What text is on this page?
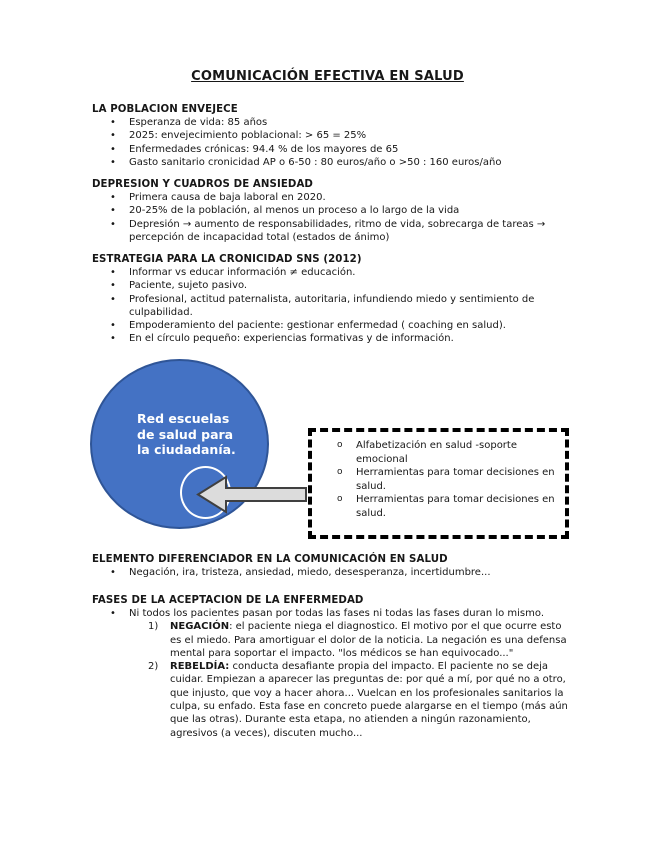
COMUNICACIÓN EFECTIVA EN SALUD
LA POBLACION ENVEJECE
• Esperanza de vida: 85 años
• 2025: envejecimiento poblacional: > 65 = 25%
• Enfermedades crónicas: 94.4 % de los mayores de 65
• Gasto sanitario cronicidad AP o 6-50 : 80 euros/año o >50 : 160 euros/año
DEPRESION Y CUADROS DE ANSIEDAD
• Primera causa de baja laboral en 2020.
• 20-25% de la población, al menos un proceso a lo largo de la vida
• Depresión → aumento de responsabilidades, ritmo de vida, sobrecarga de tareas → percepción de incapacidad total (estados de ánimo)
ESTRATEGIA PARA LA CRONICIDAD SNS (2012)
• Informar vs educar información ≠ educación.
• Paciente, sujeto pasivo.
• Profesional, actitud paternalista, autoritaria, infundiendo miedo y sentimiento de culpabilidad.
• Empoderamiento del paciente: gestionar enfermedad ( coaching en salud).
• En el círculo pequeño: experiencias formativas y de información.
Red escuelas
de salud para
la ciudadanía.	o Alfabetización en salud -soporte emocional
o Herramientas para tomar decisiones en salud.
o Herramientas para tomar decisiones en salud.
ELEMENTO DIFERENCIADOR EN LA COMUNICACIÓN EN SALUD
• Negación, ira, tristeza, ansiedad, miedo, desesperanza, incertidumbre...
FASES DE LA ACEPTACION DE LA ENFERMEDAD
• Ni todos los pacientes pasan por todas las fases ni todas las fases duran lo mismo.
1) NEGACIÓN: el paciente niega el diagnostico. El motivo por el que ocurre esto es el miedo. Para amortiguar el dolor de la noticia. La negación es una defensa mental para soportar el impacto. "los médicos se han equivocado..."
2) REBELDÍA: conducta desafiante propia del impacto. El paciente no se deja cuidar. Empiezan a aparecer las preguntas de: por qué a mí, por qué no a otro, que injusto, que voy a hacer ahora... Vuelcan en los profesionales sanitarios la culpa, su enfado. Esta fase en concreto puede alargarse en el tiempo (más aún que las otras). Durante esta etapa, no atienden a ningún razonamiento, agresivos (a veces), discuten mucho...
